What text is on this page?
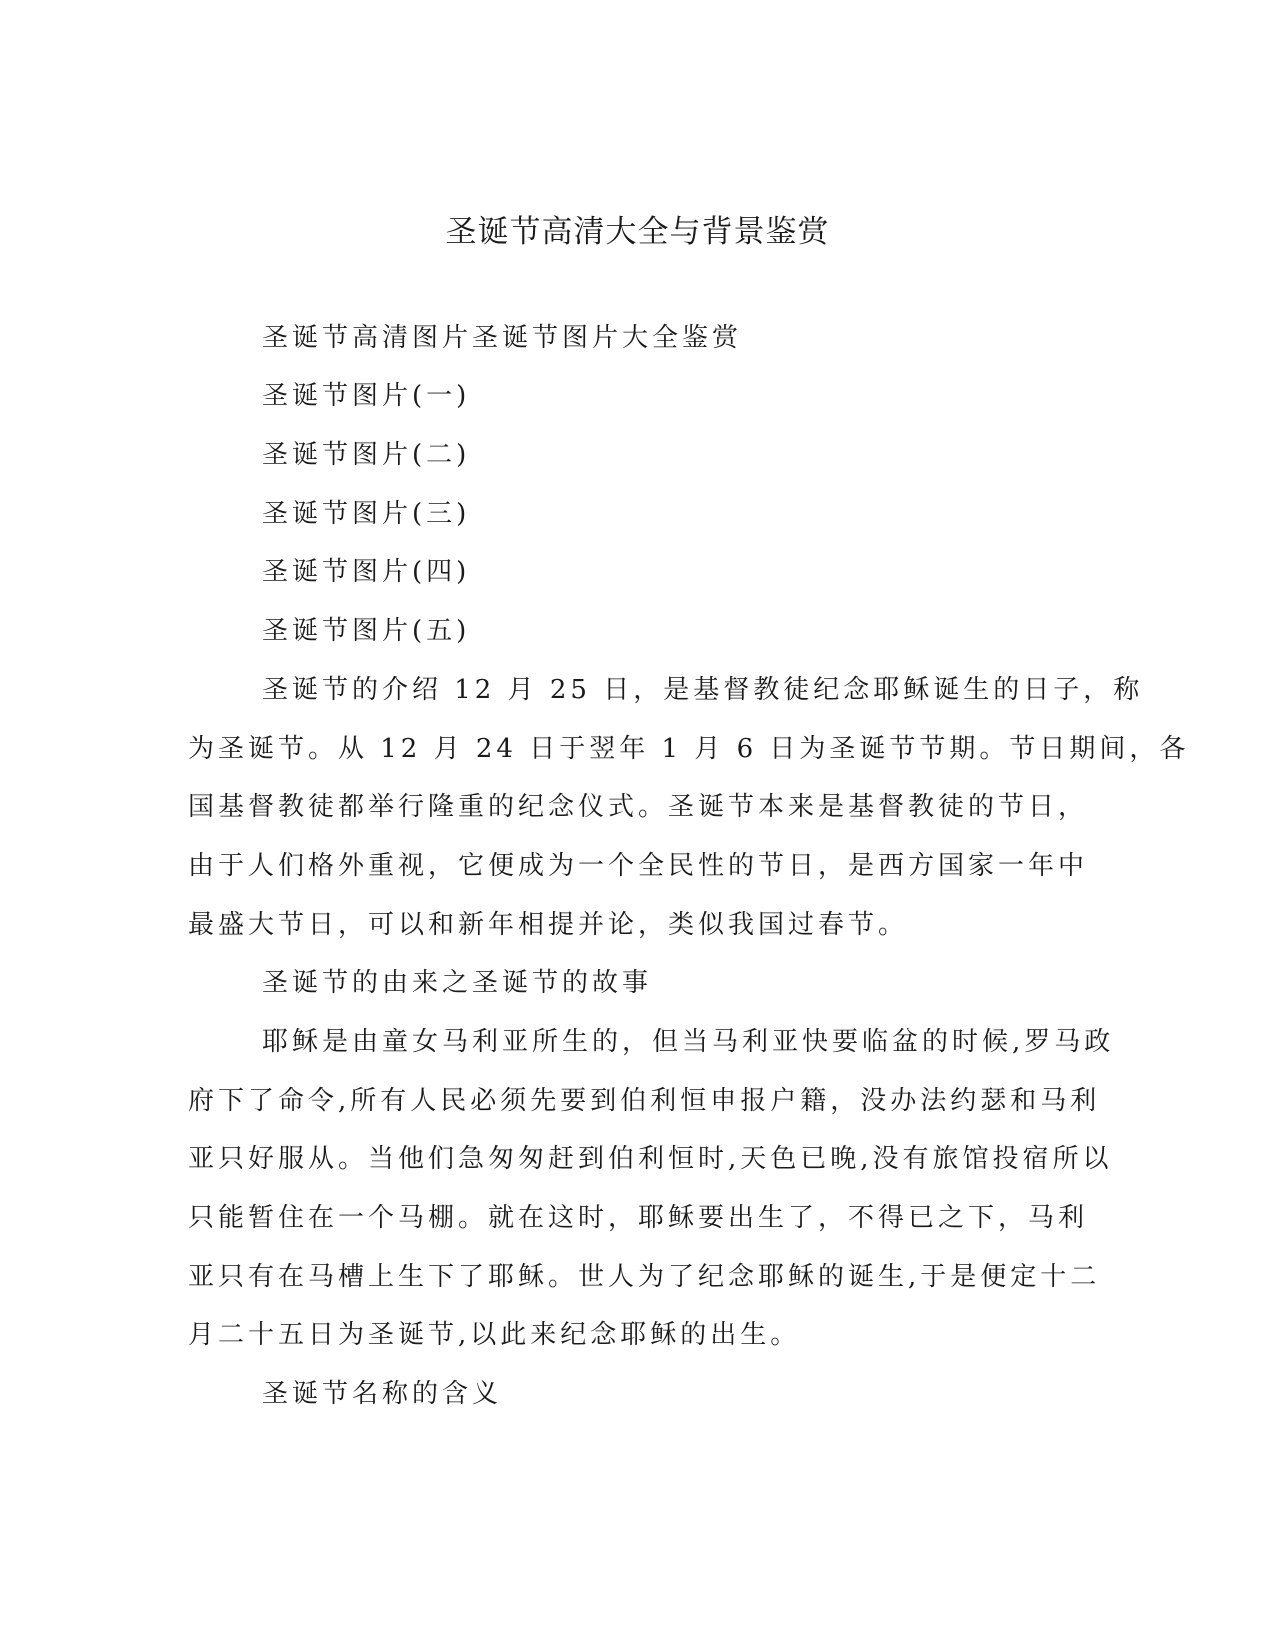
圣诞节高清大全与背景鉴赏

圣诞节高清图片圣诞节图片大全鉴赏

圣诞节图片(一)

圣诞节图片(二)

圣诞节图片(三)

圣诞节图片(四)

圣诞节图片(五)

圣诞节的介绍 12 月 25 日，是基督教徒纪念耶稣诞生的日子，称

为圣诞节。从 12 月 24 日于翌年 1 月 6 日为圣诞节节期。节日期间，各

国基督教徒都举行隆重的纪念仪式。圣诞节本来是基督教徒的节日，

由于人们格外重视，它便成为一个全民性的节日，是西方国家一年中

最盛大节日，可以和新年相提并论，类似我国过春节。

圣诞节的由来之圣诞节的故事

耶稣是由童女马利亚所生的，但当马利亚快要临盆的时候,罗马政

府下了命令,所有人民必须先要到伯利恒申报户籍，没办法约瑟和马利

亚只好服从。当他们急匆匆赶到伯利恒时,天色已晚,没有旅馆投宿所以

只能暂住在一个马棚。就在这时，耶稣要出生了，不得已之下，马利

亚只有在马槽上生下了耶稣。世人为了纪念耶稣的诞生,于是便定十二

月二十五日为圣诞节,以此来纪念耶稣的出生。

圣诞节名称的含义
